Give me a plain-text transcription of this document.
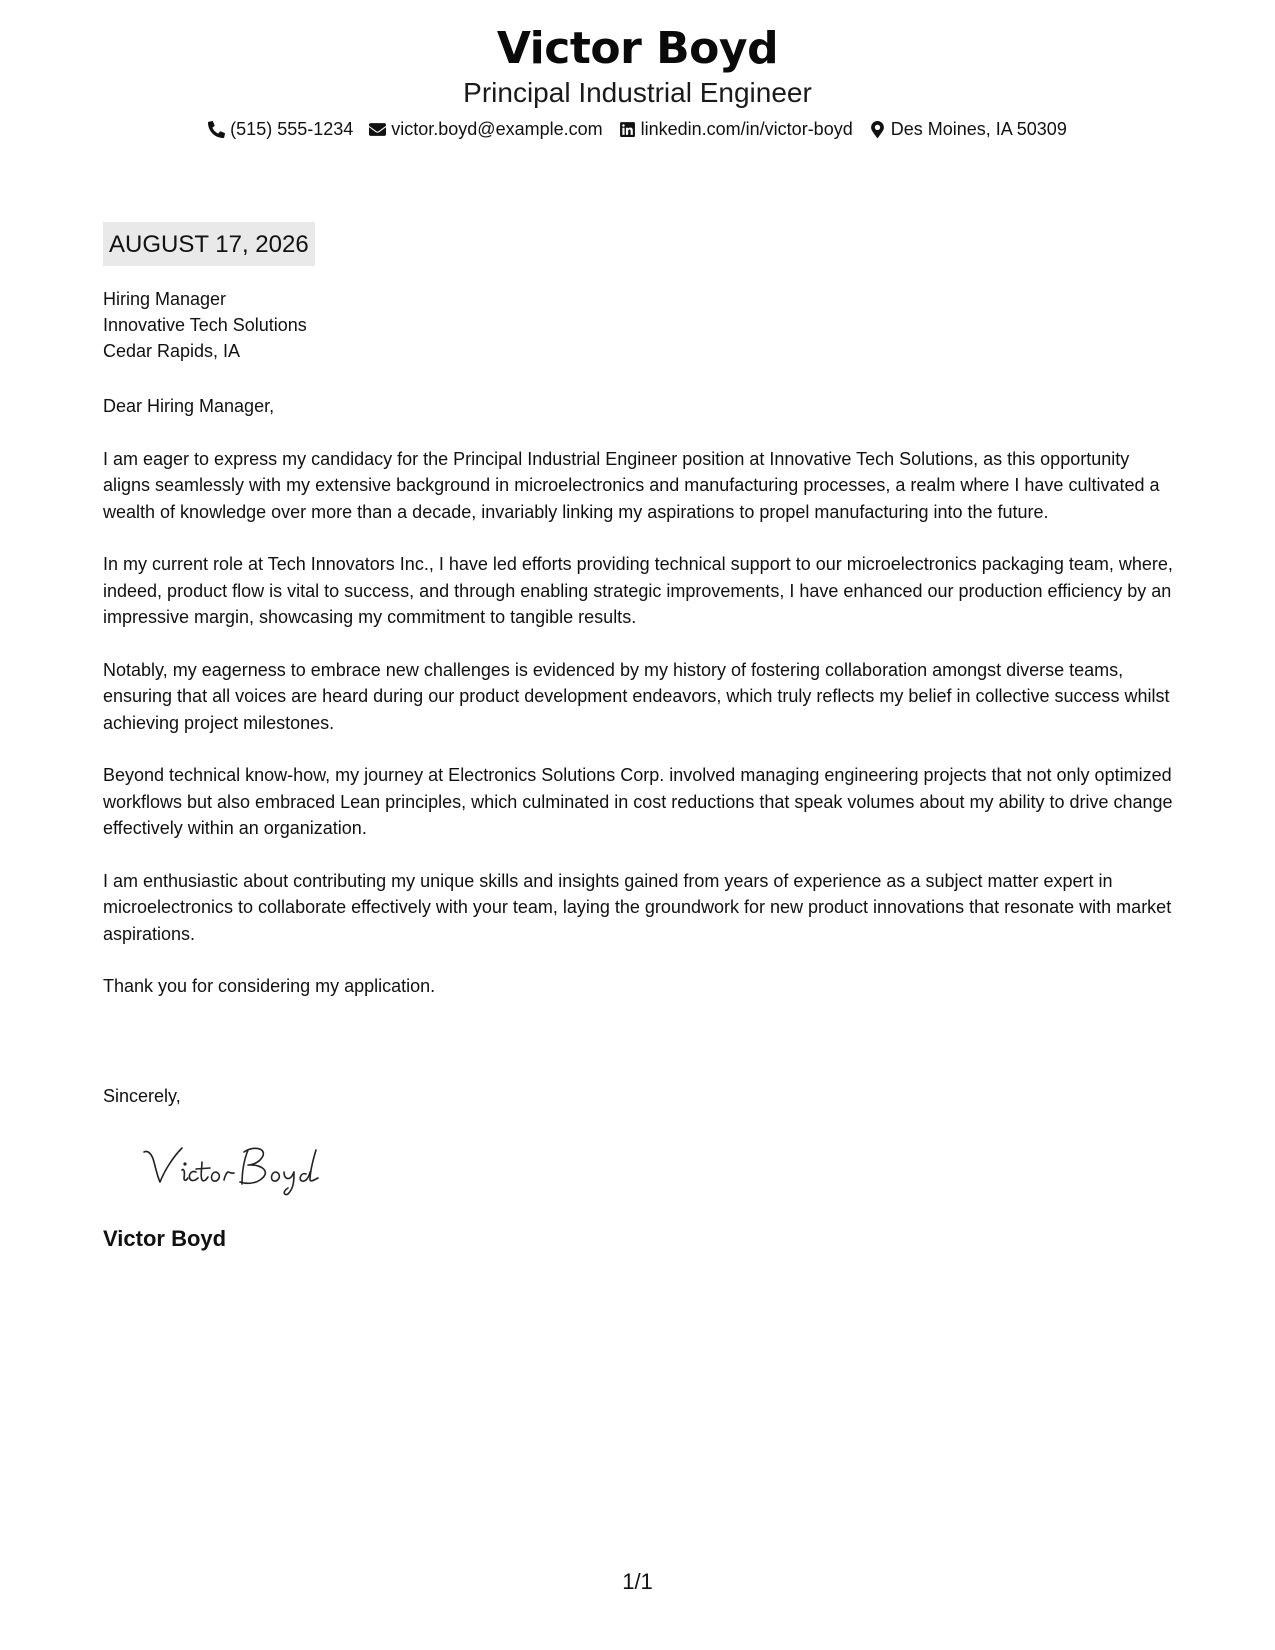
Victor Boyd
Principal Industrial Engineer
(515) 555-1234 victor.boyd@example.com linkedin.com/in/victor-boyd Des Moines, IA 50309
AUGUST 17, 2026
Hiring Manager
Innovative Tech Solutions
Cedar Rapids, IA

Dear Hiring Manager,

I am eager to express my candidacy for the Principal Industrial Engineer position at Innovative Tech Solutions, as this opportunity aligns seamlessly with my extensive background in microelectronics and manufacturing processes, a realm where I have cultivated a wealth of knowledge over more than a decade, invariably linking my aspirations to propel manufacturing into the future.

In my current role at Tech Innovators Inc., I have led efforts providing technical support to our microelectronics packaging team, where, indeed, product flow is vital to success, and through enabling strategic improvements, I have enhanced our production efficiency by an impressive margin, showcasing my commitment to tangible results.

Notably, my eagerness to embrace new challenges is evidenced by my history of fostering collaboration amongst diverse teams, ensuring that all voices are heard during our product development endeavors, which truly reflects my belief in collective success whilst achieving project milestones.

Beyond technical know-how, my journey at Electronics Solutions Corp. involved managing engineering projects that not only optimized workflows but also embraced Lean principles, which culminated in cost reductions that speak volumes about my ability to drive change effectively within an organization.

I am enthusiastic about contributing my unique skills and insights gained from years of experience as a subject matter expert in microelectronics to collaborate effectively with your team, laying the groundwork for new product innovations that resonate with market aspirations.

Thank you for considering my application.

Sincerely,
Victor Boyd
1/1
